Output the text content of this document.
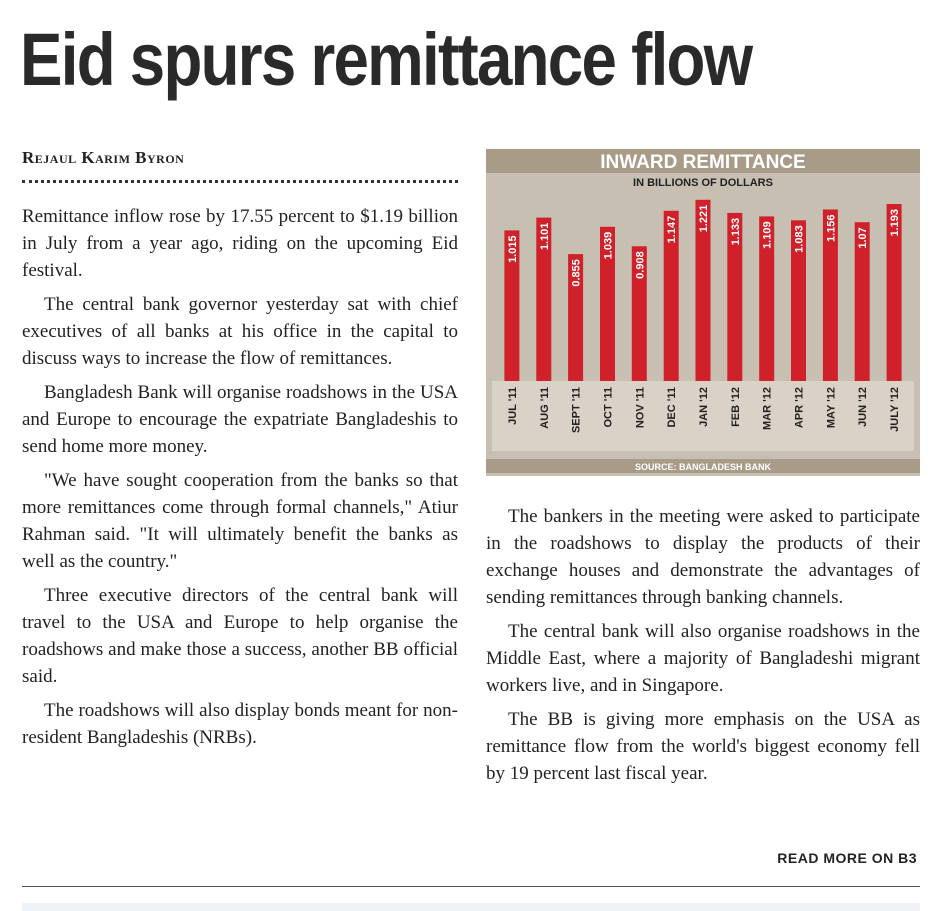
Eid spurs remittance flow
Rejaul Karim Byron

Remittance inflow rose by 17.55 percent to $1.19 billion in July from a year ago, riding on the upcoming Eid festival.

The central bank governor yesterday sat with chief executives of all banks at his office in the capital to discuss ways to increase the flow of remittances.

Bangladesh Bank will organise roadshows in the USA and Europe to encourage the expatriate Bangladeshis to send home more money.

"We have sought cooperation from the banks so that more remittances come through formal channels," Atiur Rahman said. "It will ultimately benefit the banks as well as the country."

Three executive directors of the central bank will travel to the USA and Europe to help organise the roadshows and make those a success, another BB official said.

The roadshows will also display bonds meant for non-resident Bangladeshis (NRBs).

INWARD REMITTANCE
IN BILLIONS OF DOLLARS
1.015 1.101
0.855
1.039
0.908
1.147 1.221 1.133 1.109 1.083 1.156 1.07
1.193
JUL '11 AUG '11 SEPT '11 OCT '11 NOV '11 DEC '11 JAN '12 FEB '12 MAR '12 APR '12 MAY '12 JUN '12 JULY '12
SOURCE: BANGLADESH BANK

The bankers in the meeting were asked to participate in the roadshows to display the products of their exchange houses and demonstrate the advantages of sending remittances through banking channels.

The central bank will also organise roadshows in the Middle East, where a majority of Bangladeshi migrant workers live, and in Singapore.

The BB is giving more emphasis on the USA as remittance flow from the world's biggest economy fell by 19 percent last fiscal year.

READ MORE ON B3
